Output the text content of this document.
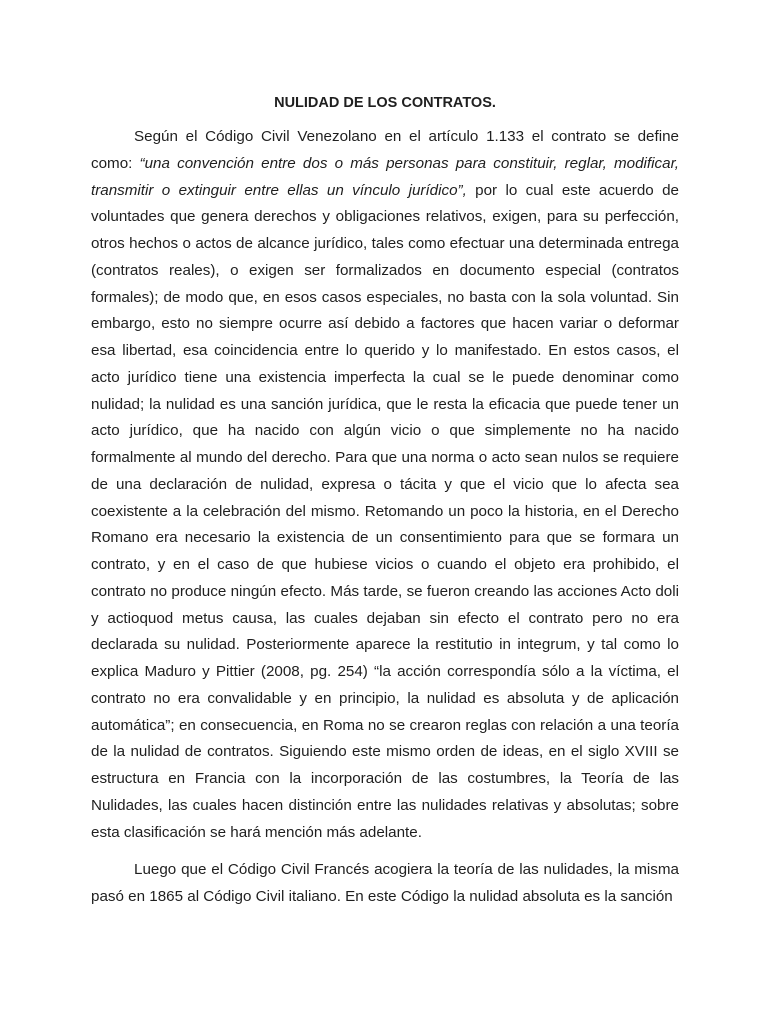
NULIDAD DE LOS CONTRATOS.

Según el Código Civil Venezolano en el artículo 1.133 el contrato se define como: “una convención entre dos o más personas para constituir, reglar, modificar, transmitir o extinguir entre ellas un vínculo jurídico”, por lo cual este acuerdo de voluntades que genera derechos y obligaciones relativos, exigen, para su perfección, otros hechos o actos de alcance jurídico, tales como efectuar una determinada entrega (contratos reales), o exigen ser formalizados en documento especial (contratos formales); de modo que, en esos casos especiales, no basta con la sola voluntad. Sin embargo, esto no siempre ocurre así debido a factores que hacen variar o deformar esa libertad, esa coincidencia entre lo querido y lo manifestado. En estos casos, el acto jurídico tiene una existencia imperfecta la cual se le puede denominar como nulidad; la nulidad es una sanción jurídica, que le resta la eficacia que puede tener un acto jurídico, que ha nacido con algún vicio o que simplemente no ha nacido formalmente al mundo del derecho. Para que una norma o acto sean nulos se requiere de una declaración de nulidad, expresa o tácita y que el vicio que lo afecta sea coexistente a la celebración del mismo. Retomando un poco la historia, en el Derecho Romano era necesario la existencia de un consentimiento para que se formara un contrato, y en el caso de que hubiese vicios o cuando el objeto era prohibido, el contrato no produce ningún efecto. Más tarde, se fueron creando las acciones Acto doli y actioquod metus causa, las cuales dejaban sin efecto el contrato pero no era declarada su nulidad. Posteriormente aparece la restitutio in integrum, y tal como lo explica Maduro y Pittier (2008, pg. 254) “la acción correspondía sólo a la víctima, el contrato no era convalidable y en principio, la nulidad es absoluta y de aplicación automática”; en consecuencia, en Roma no se crearon reglas con relación a una teoría de la nulidad de contratos. Siguiendo este mismo orden de ideas, en el siglo XVIII se estructura en Francia con la incorporación de las costumbres, la Teoría de las Nulidades, las cuales hacen distinción entre las nulidades relativas y absolutas; sobre esta clasificación se hará mención más adelante.

Luego que el Código Civil Francés acogiera la teoría de las nulidades, la misma pasó en 1865 al Código Civil italiano. En este Código la nulidad absoluta es la sanción
